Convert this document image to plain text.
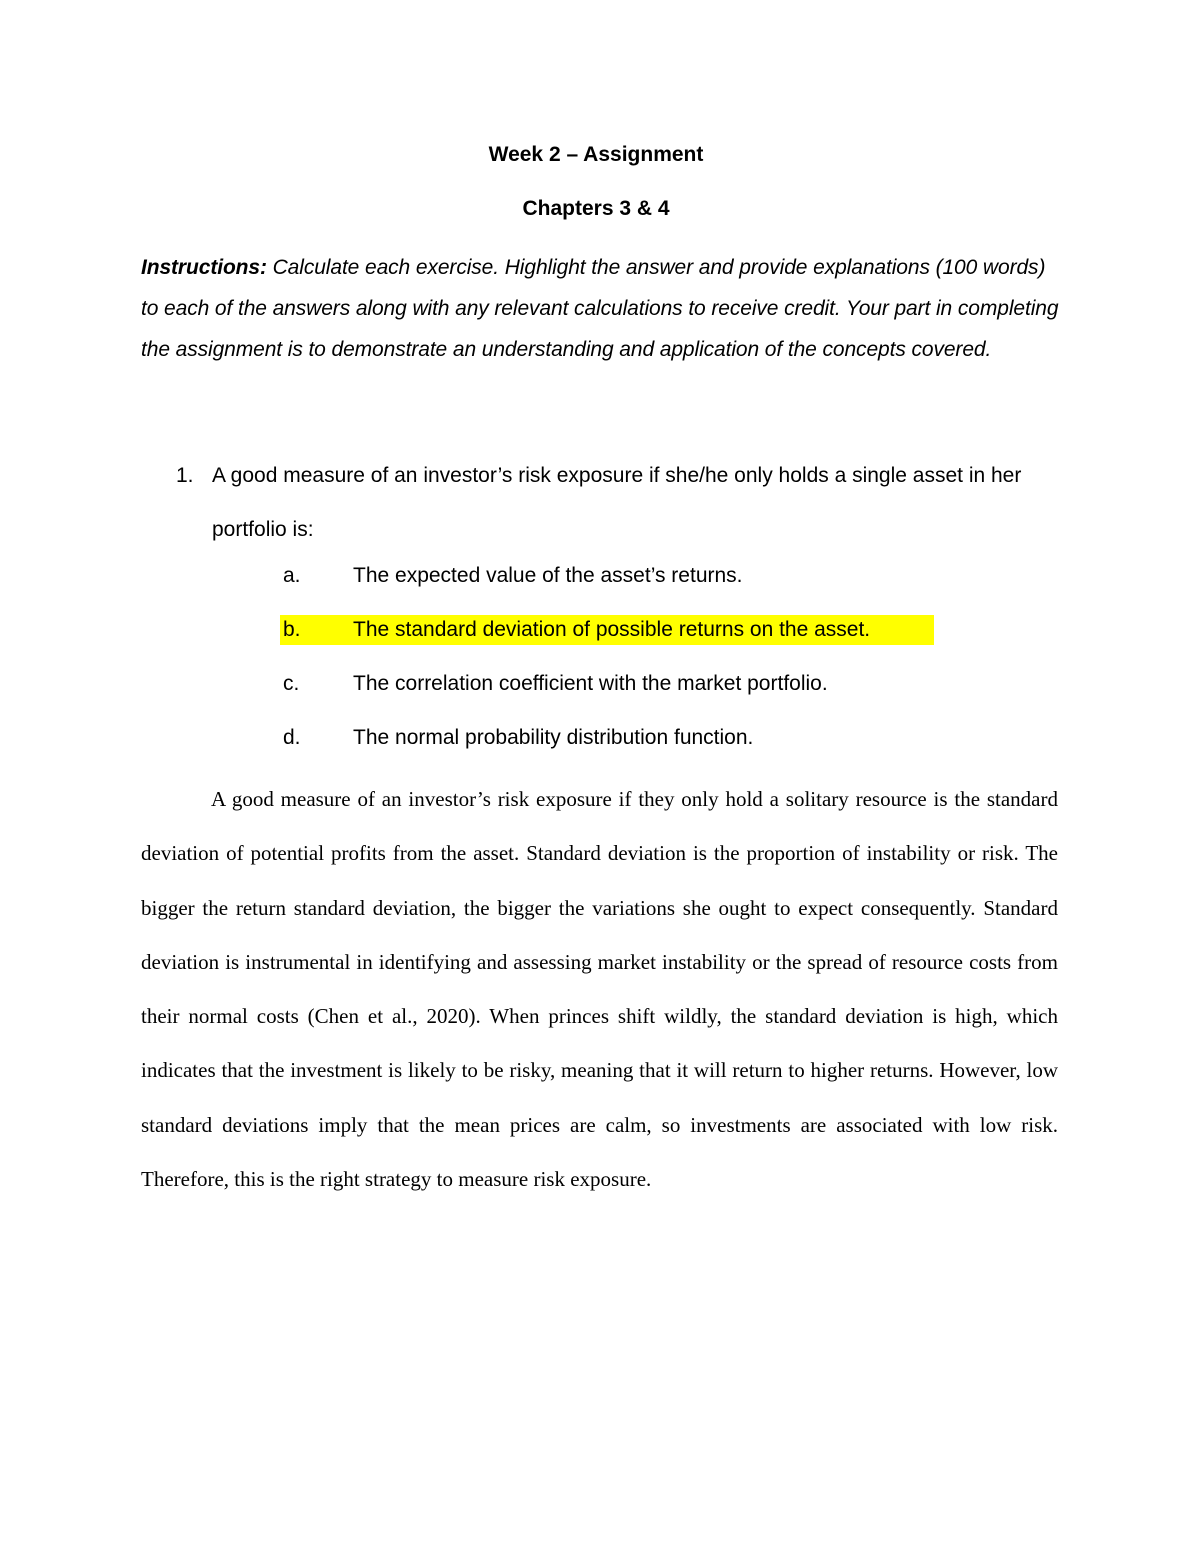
Week 2 – Assignment
Chapters 3 & 4

Instructions: Calculate each exercise. Highlight the answer and provide explanations (100 words) to each of the answers along with any relevant calculations to receive credit. Your part in completing the assignment is to demonstrate an understanding and application of the concepts covered.

1. A good measure of an investor’s risk exposure if she/he only holds a single asset in her portfolio is:
a. The expected value of the asset’s returns.
b. The standard deviation of possible returns on the asset.
c.	The correlation coefficient with the market portfolio.
d. The normal probability distribution function.

A good measure of an investor’s risk exposure if they only hold a solitary resource is the standard deviation of potential profits from the asset. Standard deviation is the proportion of instability or risk. The bigger the return standard deviation, the bigger the variations she ought to expect consequently. Standard deviation is instrumental in identifying and assessing market instability or the spread of resource costs from their normal costs (Chen et al., 2020). When princes shift wildly, the standard deviation is high, which indicates that the investment is likely to be risky, meaning that it will return to higher returns. However, low standard deviations imply that the mean prices are calm, so investments are associated with low risk. Therefore, this is the right strategy to measure risk exposure.
